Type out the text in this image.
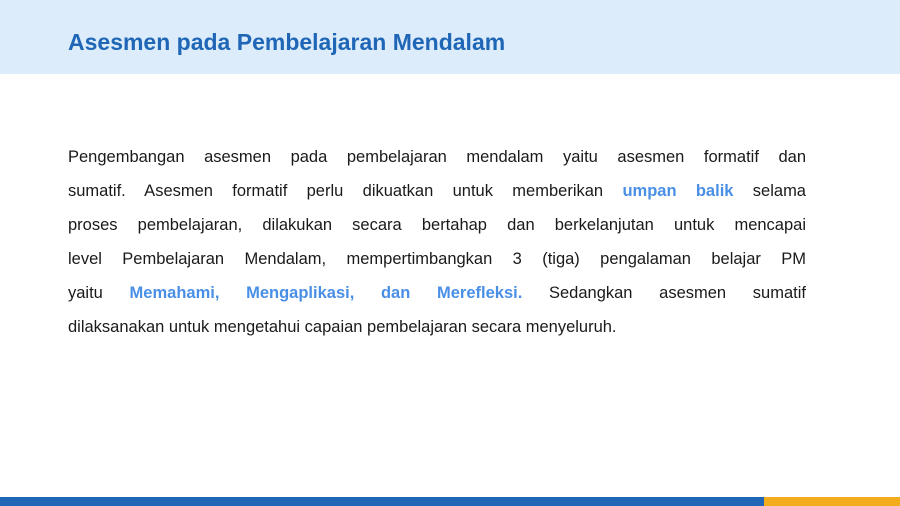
Asesmen pada Pembelajaran Mendalam
Pengembangan asesmen pada pembelajaran mendalam yaitu asesmen formatif dan
sumatif. Asesmen formatif perlu dikuatkan untuk memberikan umpan balik selama
proses pembelajaran, dilakukan secara bertahap dan berkelanjutan untuk mencapai
level Pembelajaran Mendalam, mempertimbangkan 3 (tiga) pengalaman belajar PM
yaitu Memahami, Mengaplikasi, dan Merefleksi. Sedangkan asesmen sumatif
dilaksanakan untuk mengetahui capaian pembelajaran secara menyeluruh.
